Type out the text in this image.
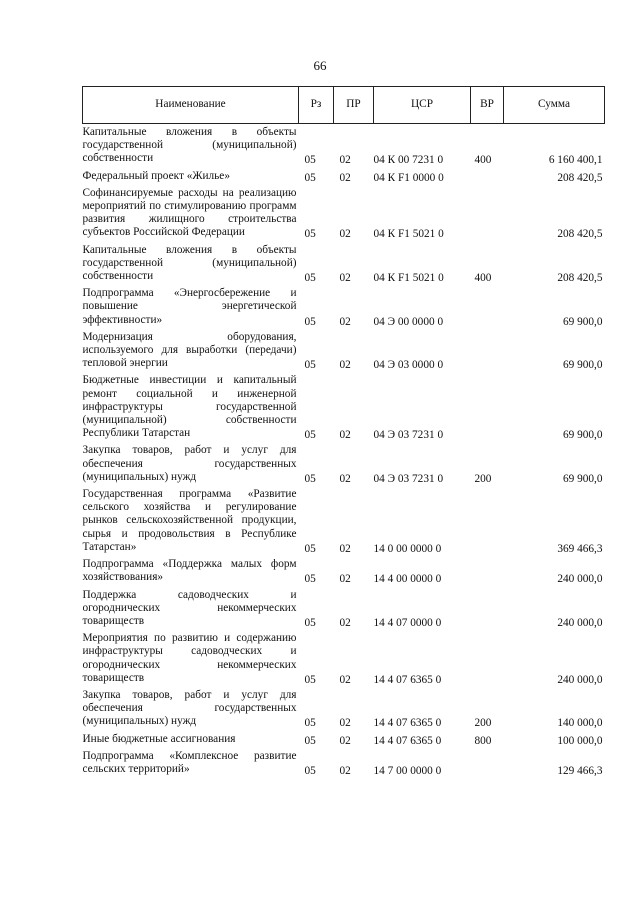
66
Наименование	Рз	ПР	ЦСР	ВР	Сумма
Капитальные вложения в объекты государственной (муниципальной) собственности	05	02	04 К 00 7231 0	400	6 160 400,1
Федеральный проект «Жилье»	05	02	04 К F1 0000 0		208 420,5
Софинансируемые расходы на реализацию мероприятий по стимулированию программ развития жилищного строительства субъектов Российской Федерации	05	02	04 К F1 5021 0		208 420,5
Капитальные вложения в объекты государственной (муниципальной) собственности	05	02	04 К F1 5021 0	400	208 420,5
Подпрограмма «Энергосбережение и повышение энергетической эффективности»	05	02	04 Э 00 0000 0		69 900,0
Модернизация оборудования, используемого для выработки (передачи) тепловой энергии	05	02	04 Э 03 0000 0		69 900,0
Бюджетные инвестиции и капитальный ремонт социальной и инженерной инфраструктуры государственной (муниципальной) собственности Республики Татарстан	05	02	04 Э 03 7231 0		69 900,0
Закупка товаров, работ и услуг для обеспечения государственных (муниципальных) нужд	05	02	04 Э 03 7231 0	200	69 900,0
Государственная программа «Развитие сельского хозяйства и регулирование рынков сельскохозяйственной продукции, сырья и продовольствия в Республике Татарстан»	05	02	14 0 00 0000 0		369 466,3
Подпрограмма «Поддержка малых форм хозяйствования»	05	02	14 4 00 0000 0		240 000,0
Поддержка садоводческих и огороднических некоммерческих товариществ	05	02	14 4 07 0000 0		240 000,0
Мероприятия по развитию и содержанию инфраструктуры садоводческих и огороднических некоммерческих товариществ	05	02	14 4 07 6365 0		240 000,0
Закупка товаров, работ и услуг для обеспечения государственных (муниципальных) нужд	05	02	14 4 07 6365 0	200	140 000,0
Иные бюджетные ассигнования	05	02	14 4 07 6365 0	800	100 000,0
Подпрограмма «Комплексное развитие сельских территорий»	05	02	14 7 00 0000 0		129 466,3
